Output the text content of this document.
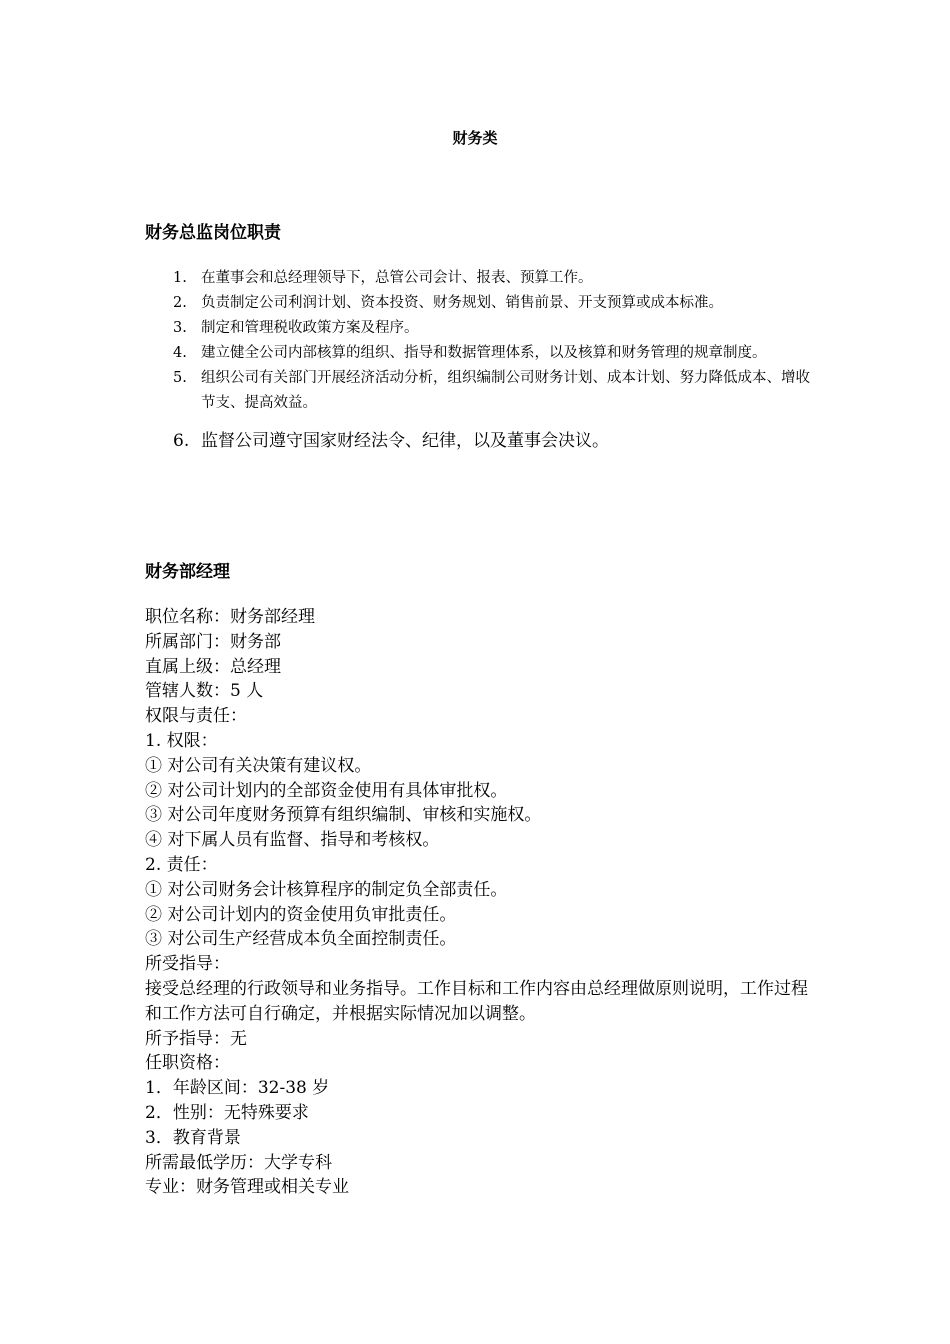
财务类
财务总监岗位职责
1. 在董事会和总经理领导下，总管公司会计、报表、预算工作。
2. 负责制定公司利润计划、资本投资、财务规划、销售前景、开支预算或成本标准。
3. 制定和管理税收政策方案及程序。
4. 建立健全公司内部核算的组织、指导和数据管理体系，以及核算和财务管理的规章制度。
5. 组织公司有关部门开展经济活动分析，组织编制公司财务计划、成本计划、努力降低成本、增收节支、提高效益。
6. 监督公司遵守国家财经法令、纪律，以及董事会决议。
财务部经理
职位名称：财务部经理
所属部门：财务部
直属上级：总经理
管辖人数：5 人
权限与责任：
1. 权限：
① 对公司有关决策有建议权。
② 对公司计划内的全部资金使用有具体审批权。
③ 对公司年度财务预算有组织编制、审核和实施权。
④ 对下属人员有监督、指导和考核权。
2. 责任：
① 对公司财务会计核算程序的制定负全部责任。
② 对公司计划内的资金使用负审批责任。
③ 对公司生产经营成本负全面控制责任。
所受指导：
接受总经理的行政领导和业务指导。工作目标和工作内容由总经理做原则说明，工作过程和工作方法可自行确定，并根据实际情况加以调整。
所予指导：无
任职资格：
1．年龄区间：32-38 岁
2．性别：无特殊要求
3．教育背景
所需最低学历：大学专科
专业：财务管理或相关专业
